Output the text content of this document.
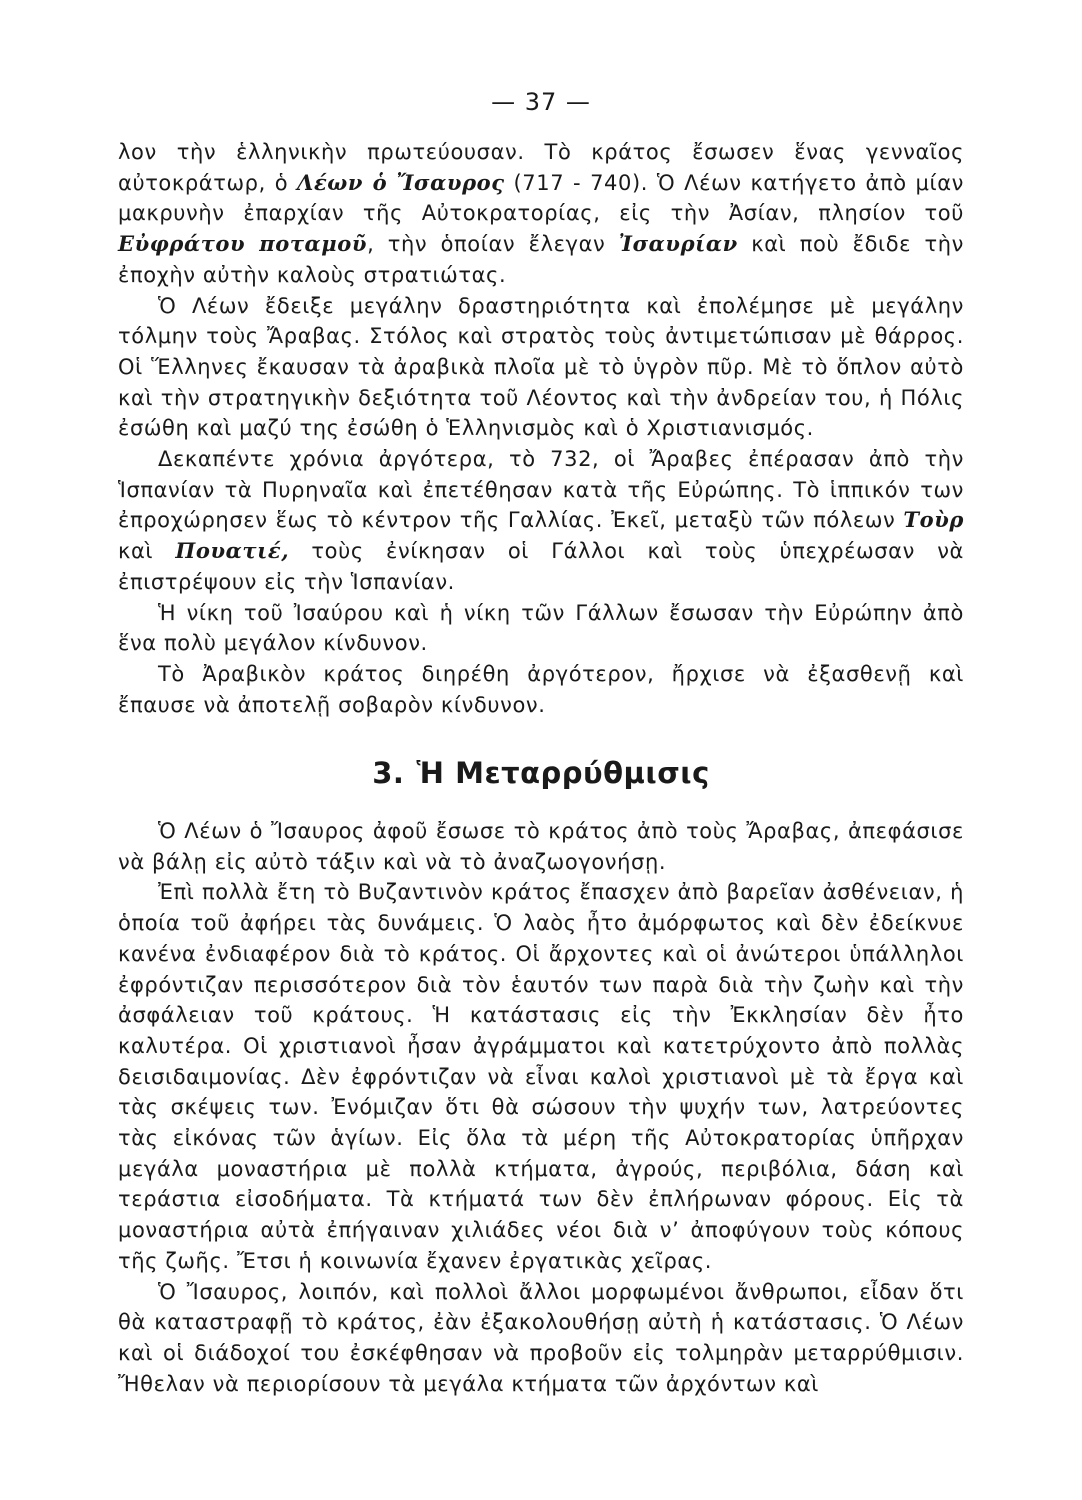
— 37 —

λον τὴν ἑλληνικὴν πρωτεύουσαν. Τὸ κράτος ἔσωσεν ἕνας γενναῖος αὐτοκράτωρ, ὁ Λέων ὁ Ἴσαυρος (717 - 740). Ὁ Λέων κατήγετο ἀπὸ μίαν μακρυνὴν ἐπαρχίαν τῆς Αὐτοκρατορίας, εἰς τὴν Ἀσίαν, πλησίον τοῦ Εὐφράτου ποταμοῦ, τὴν ὁποίαν ἔλεγαν Ἰσαυρίαν καὶ ποὺ ἔδιδε τὴν ἐποχὴν αὐτὴν καλοὺς στρατιώτας.

Ὁ Λέων ἔδειξε μεγάλην δραστηριότητα καὶ ἐπολέμησε μὲ μεγάλην τόλμην τοὺς Ἄραβας. Στόλος καὶ στρατὸς τοὺς ἀντιμετώπισαν μὲ θάρρος. Οἱ Ἕλληνες ἔκαυσαν τὰ ἀραβικὰ πλοῖα μὲ τὸ ὑγρὸν πῦρ. Μὲ τὸ ὅπλον αὐτὸ καὶ τὴν στρατηγικὴν δεξιότητα τοῦ Λέοντος καὶ τὴν ἀνδρείαν του, ἡ Πόλις ἐσώθη καὶ μαζύ της ἐσώθη ὁ Ἑλληνισμὸς καὶ ὁ Χριστιανισμός.

Δεκαπέντε χρόνια ἀργότερα, τὸ 732, οἱ Ἄραβες ἐπέρασαν ἀπὸ τὴν Ἱσπανίαν τὰ Πυρηναῖα καὶ ἐπετέθησαν κατὰ τῆς Εὐρώπης. Τὸ ἱππικόν των ἐπροχώρησεν ἕως τὸ κέντρον τῆς Γαλλίας. Ἐκεῖ, μεταξὺ τῶν πόλεων Τοὺρ καὶ Πουατιέ, τοὺς ἐνίκησαν οἱ Γάλλοι καὶ τοὺς ὑπεχρέωσαν νὰ ἐπιστρέψουν εἰς τὴν Ἱσπανίαν.

Ἡ νίκη τοῦ Ἰσαύρου καὶ ἡ νίκη τῶν Γάλλων ἔσωσαν τὴν Εὐρώπην ἀπὸ ἕνα πολὺ μεγάλον κίνδυνον.

Τὸ Ἀραβικὸν κράτος διηρέθη ἀργότερον, ἤρχισε νὰ ἐξασθενῇ καὶ ἔπαυσε νὰ ἀποτελῇ σοβαρὸν κίνδυνον.

3. Ἡ Μεταρρύθμισις

Ὁ Λέων ὁ Ἴσαυρος ἀφοῦ ἔσωσε τὸ κράτος ἀπὸ τοὺς Ἄραβας, ἀπεφάσισε νὰ βάλῃ εἰς αὐτὸ τάξιν καὶ νὰ τὸ ἀναζωογονήσῃ.

Ἐπὶ πολλὰ ἔτη τὸ Βυζαντινὸν κράτος ἔπασχεν ἀπὸ βαρεῖαν ἀσθένειαν, ἡ ὁποία τοῦ ἀφήρει τὰς δυνάμεις. Ὁ λαὸς ἦτο ἀμόρφωτος καὶ δὲν ἐδείκνυε κανένα ἐνδιαφέρον διὰ τὸ κράτος. Οἱ ἄρχοντες καὶ οἱ ἀνώτεροι ὑπάλληλοι ἐφρόντιζαν περισσότερον διὰ τὸν ἑαυτόν των παρὰ διὰ τὴν ζωὴν καὶ τὴν ἀσφάλειαν τοῦ κράτους. Ἡ κατάστασις εἰς τὴν Ἐκκλησίαν δὲν ἦτο καλυτέρα. Οἱ χριστιανοὶ ἦσαν ἀγράμματοι καὶ κατετρύχοντο ἀπὸ πολλὰς δεισιδαιμονίας. Δὲν ἐφρόντιζαν νὰ εἶναι καλοὶ χριστιανοὶ μὲ τὰ ἔργα καὶ τὰς σκέψεις των. Ἐνόμιζαν ὅτι θὰ σώσουν τὴν ψυχήν των, λατρεύοντες τὰς εἰκόνας τῶν ἁγίων. Εἰς ὅλα τὰ μέρη τῆς Αὐτοκρατορίας ὑπῆρχαν μεγάλα μοναστήρια μὲ πολλὰ κτήματα, ἀγρούς, περιβόλια, δάση καὶ τεράστια εἰσοδήματα. Τὰ κτήματά των δὲν ἐπλήρωναν φόρους. Εἰς τὰ μοναστήρια αὐτὰ ἐπήγαιναν χιλιάδες νέοι διὰ ν’ ἀποφύγουν τοὺς κόπους τῆς ζωῆς. Ἔτσι ἡ κοινωνία ἔχανεν ἐργατικὰς χεῖρας.

Ὁ Ἴσαυρος, λοιπόν, καὶ πολλοὶ ἄλλοι μορφωμένοι ἄνθρωποι, εἶδαν ὅτι θὰ καταστραφῇ τὸ κράτος, ἐὰν ἐξακολουθήσῃ αὐτὴ ἡ κατάστασις. Ὁ Λέων καὶ οἱ διάδοχοί του ἐσκέφθησαν νὰ προβοῦν εἰς τολμηρὰν μεταρρύθμισιν. Ἤθελαν νὰ περιορίσουν τὰ μεγάλα κτήματα τῶν ἀρχόντων καὶ
